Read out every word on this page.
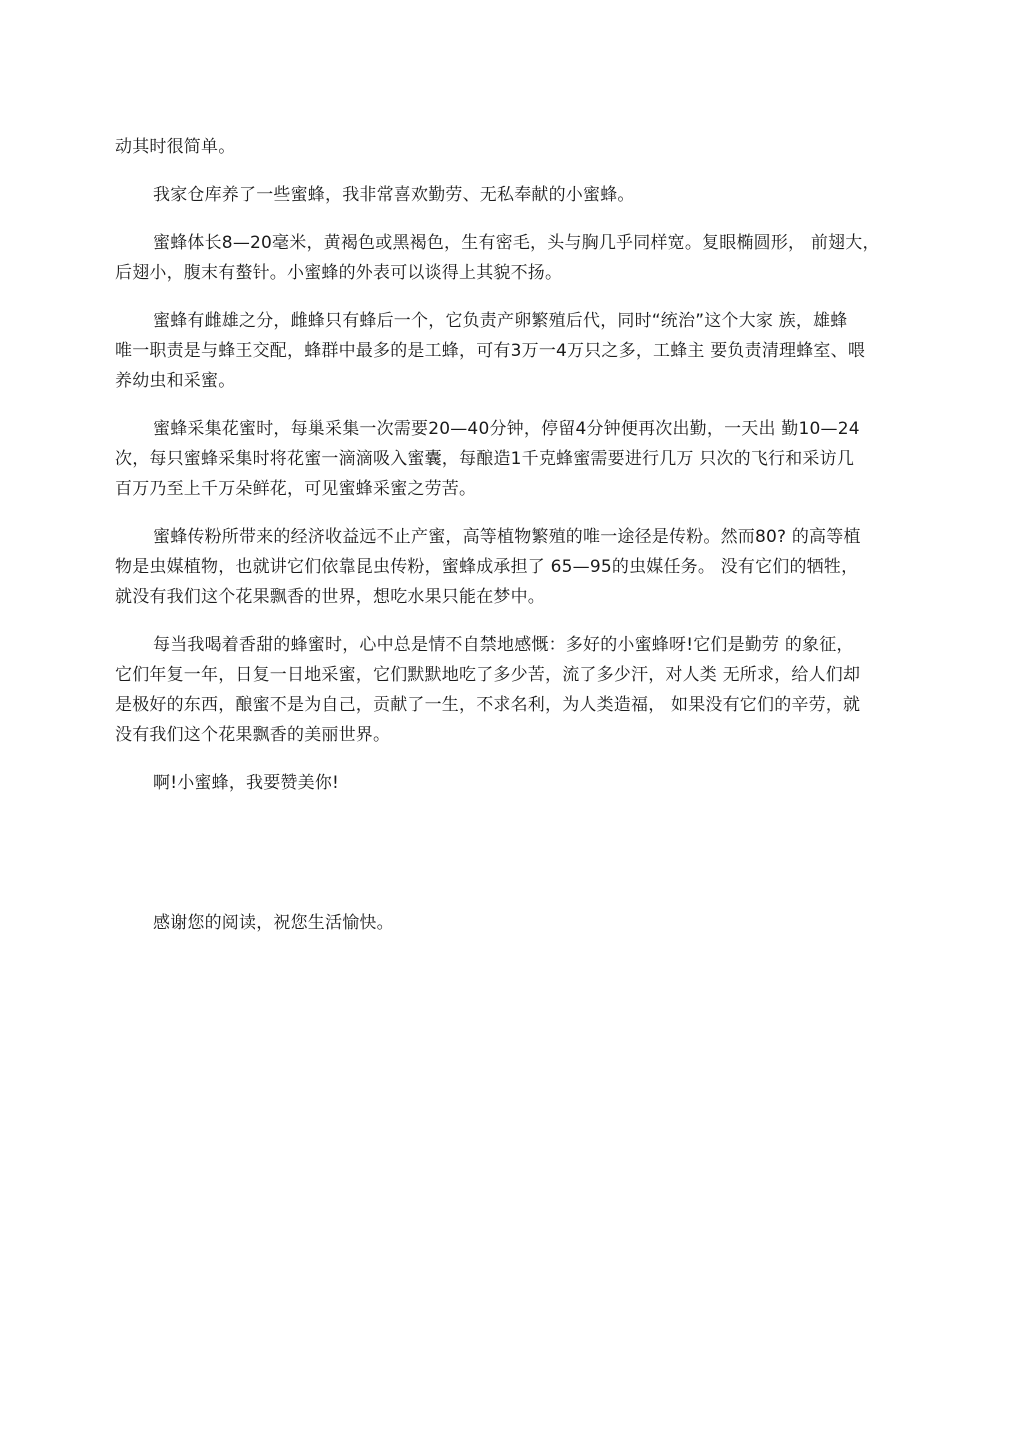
动其时很简单。
我家仓库养了一些蜜蜂，我非常喜欢勤劳、无私奉献的小蜜蜂。
蜜蜂体长8—20毫米，黄褐色或黑褐色，生有密毛，头与胸几乎同样宽。复眼椭圆形， 前翅大，
后翅小，腹末有螯针。小蜜蜂的外表可以谈得上其貌不扬。
蜜蜂有雌雄之分，雌蜂只有蜂后一个，它负责产卵繁殖后代，同时“统治”这个大家 族，雄蜂
唯一职责是与蜂王交配，蜂群中最多的是工蜂，可有3万一4万只之多，工蜂主 要负责清理蜂室、喂
养幼虫和采蜜。
蜜蜂采集花蜜时，每巢采集一次需要20—40分钟，停留4分钟便再次出勤，一天出 勤10—24
次，每只蜜蜂采集时将花蜜一滴滴吸入蜜囊，每酿造1千克蜂蜜需要进行几万 只次的飞行和采访几
百万乃至上千万朵鲜花，可见蜜蜂采蜜之劳苦。
蜜蜂传粉所带来的经济收益远不止产蜜，高等植物繁殖的唯一途径是传粉。然而80? 的高等植
物是虫媒植物，也就讲它们依靠昆虫传粉，蜜蜂成承担了 65—95的虫媒任务。 没有它们的牺牲，
就没有我们这个花果飘香的世界，想吃水果只能在梦中。
每当我喝着香甜的蜂蜜时，心中总是情不自禁地感慨：多好的小蜜蜂呀!它们是勤劳 的象征，
它们年复一年，日复一日地采蜜，它们默默地吃了多少苦，流了多少汗，对人类 无所求，给人们却
是极好的东西，酿蜜不是为自己，贡献了一生，不求名利，为人类造福， 如果没有它们的辛劳，就
没有我们这个花果飘香的美丽世界。
啊!小蜜蜂，我要赞美你!
感谢您的阅读，祝您生活愉快。
